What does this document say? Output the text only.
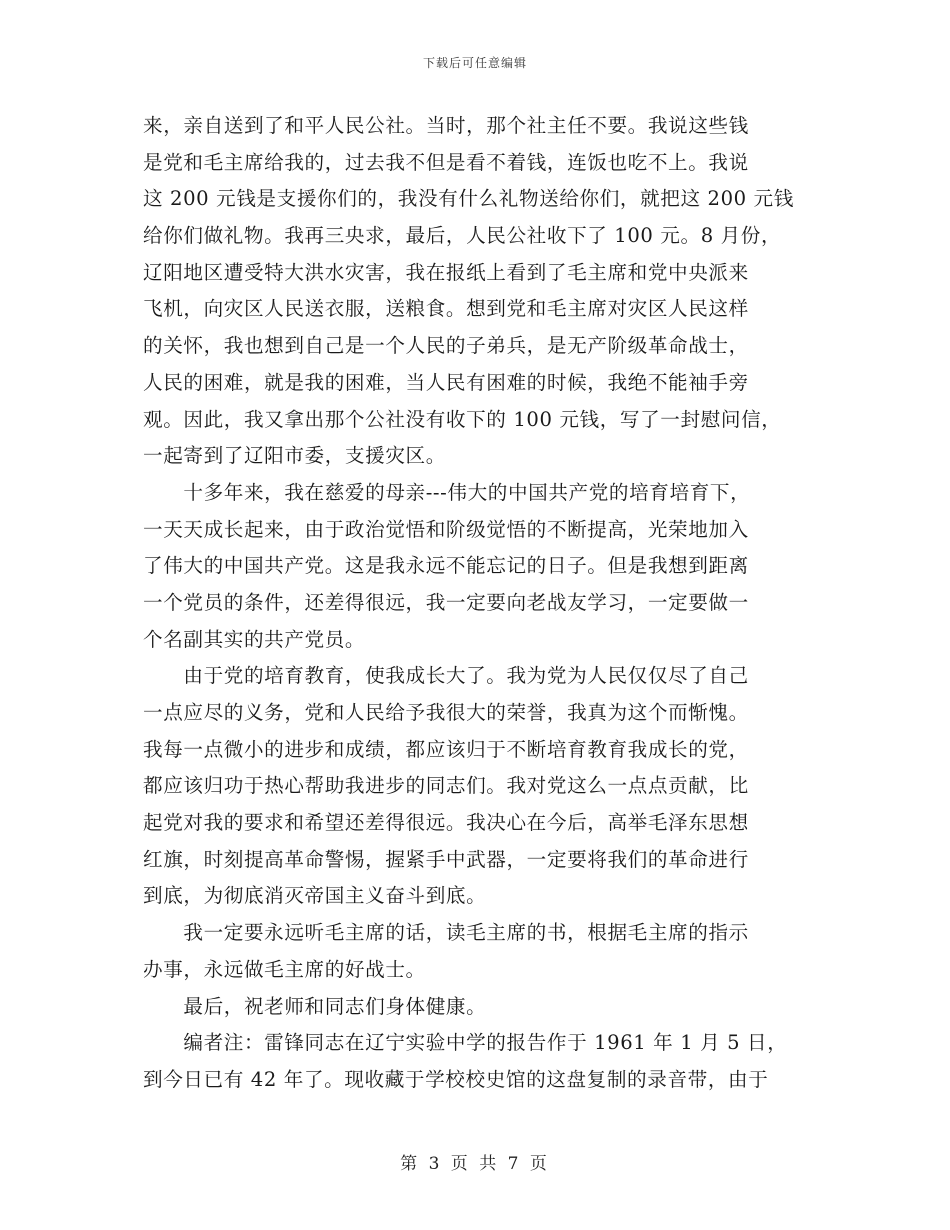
下载后可任意编辑
来，亲自送到了和平人民公社。当时，那个社主任不要。我说这些钱
是党和毛主席给我的，过去我不但是看不着钱，连饭也吃不上。我说
这 200 元钱是支援你们的，我没有什么礼物送给你们，就把这 200 元钱
给你们做礼物。我再三央求，最后，人民公社收下了 100 元。8 月份，
辽阳地区遭受特大洪水灾害，我在报纸上看到了毛主席和党中央派来
飞机，向灾区人民送衣服，送粮食。想到党和毛主席对灾区人民这样
的关怀，我也想到自己是一个人民的子弟兵，是无产阶级革命战士，
人民的困难，就是我的困难，当人民有困难的时候，我绝不能袖手旁
观。因此，我又拿出那个公社没有收下的 100 元钱，写了一封慰问信，
一起寄到了辽阳市委，支援灾区。
　　十多年来，我在慈爱的母亲---伟大的中国共产党的培育培育下，
一天天成长起来，由于政治觉悟和阶级觉悟的不断提高，光荣地加入
了伟大的中国共产党。这是我永远不能忘记的日子。但是我想到距离
一个党员的条件，还差得很远，我一定要向老战友学习，一定要做一
个名副其实的共产党员。
　　由于党的培育教育，使我成长大了。我为党为人民仅仅尽了自己
一点应尽的义务，党和人民给予我很大的荣誉，我真为这个而惭愧。
我每一点微小的进步和成绩，都应该归于不断培育教育我成长的党，
都应该归功于热心帮助我进步的同志们。我对党这么一点点贡献，比
起党对我的要求和希望还差得很远。我决心在今后，高举毛泽东思想
红旗，时刻提高革命警惕，握紧手中武器，一定要将我们的革命进行
到底，为彻底消灭帝国主义奋斗到底。
　　我一定要永远听毛主席的话，读毛主席的书，根据毛主席的指示
办事，永远做毛主席的好战士。
　　最后，祝老师和同志们身体健康。
　　编者注：雷锋同志在辽宁实验中学的报告作于 1961 年 1 月 5 日，
到今日已有 42 年了。现收藏于学校校史馆的这盘复制的录音带，由于
第 3 页 共 7 页
